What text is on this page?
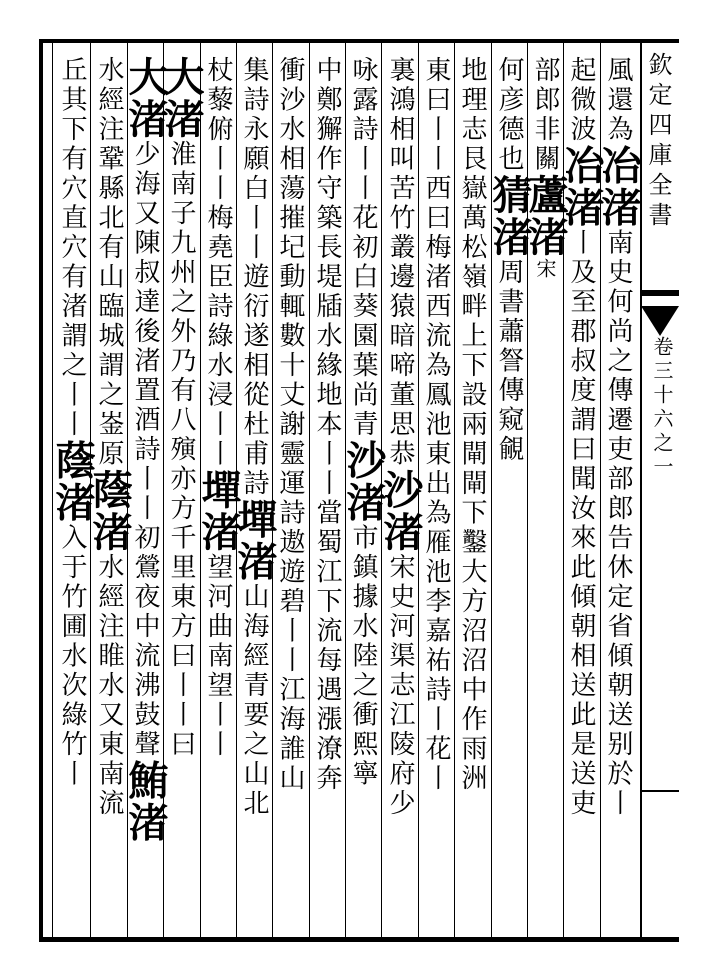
欽定四庫全書
卷三十六之一
風還為冶渚南史何尚之傳遷吏部郎告休定省傾朝送别於丨
起微波冶渚丨及至郡叔度謂曰聞汝來此傾朝相送此是送吏
部郎非關蘆渚宋
何彦德也猜渚周書蕭詧傳窥覦
地理志艮嶽萬松嶺畔上下設兩閘閘下鑿大方沼沼中作雨洲
東曰丨丨西曰梅渚西流為鳳池東出為雁池李嘉祐詩丨花丨
裏鴻相叫苦竹叢邊猿暗啼董思恭沙渚宋史河渠志江陵府少
咏露詩丨丨花初白葵園葉尚青沙渚市鎮據水陸之衝熙寧
中鄭獬作守築長堤牐水緣地本丨丨當蜀江下流每遇漲潦奔
衝沙水相蕩摧圮動輒數十丈謝靈運詩遨遊碧丨丨江海誰山
集詩永願白丨丨遊衍遂相從杜甫詩墠渚山海經青要之山北
杖藜俯丨丨梅堯臣詩綠水浸丨丨墠渚望河曲南望丨丨
大渚淮南子九州之外乃有八殥亦方千里東方曰丨丨曰
大渚少海又陳叔達後渚置酒詩丨丨初鶯夜中流沸鼓聲鮪渚
水經注鞏縣北有山臨城謂之崟原蔭渚水經注睢水又東南流
丘其下有穴直穴有渚謂之丨丨蔭渚入于竹圃水次綠竹丨
